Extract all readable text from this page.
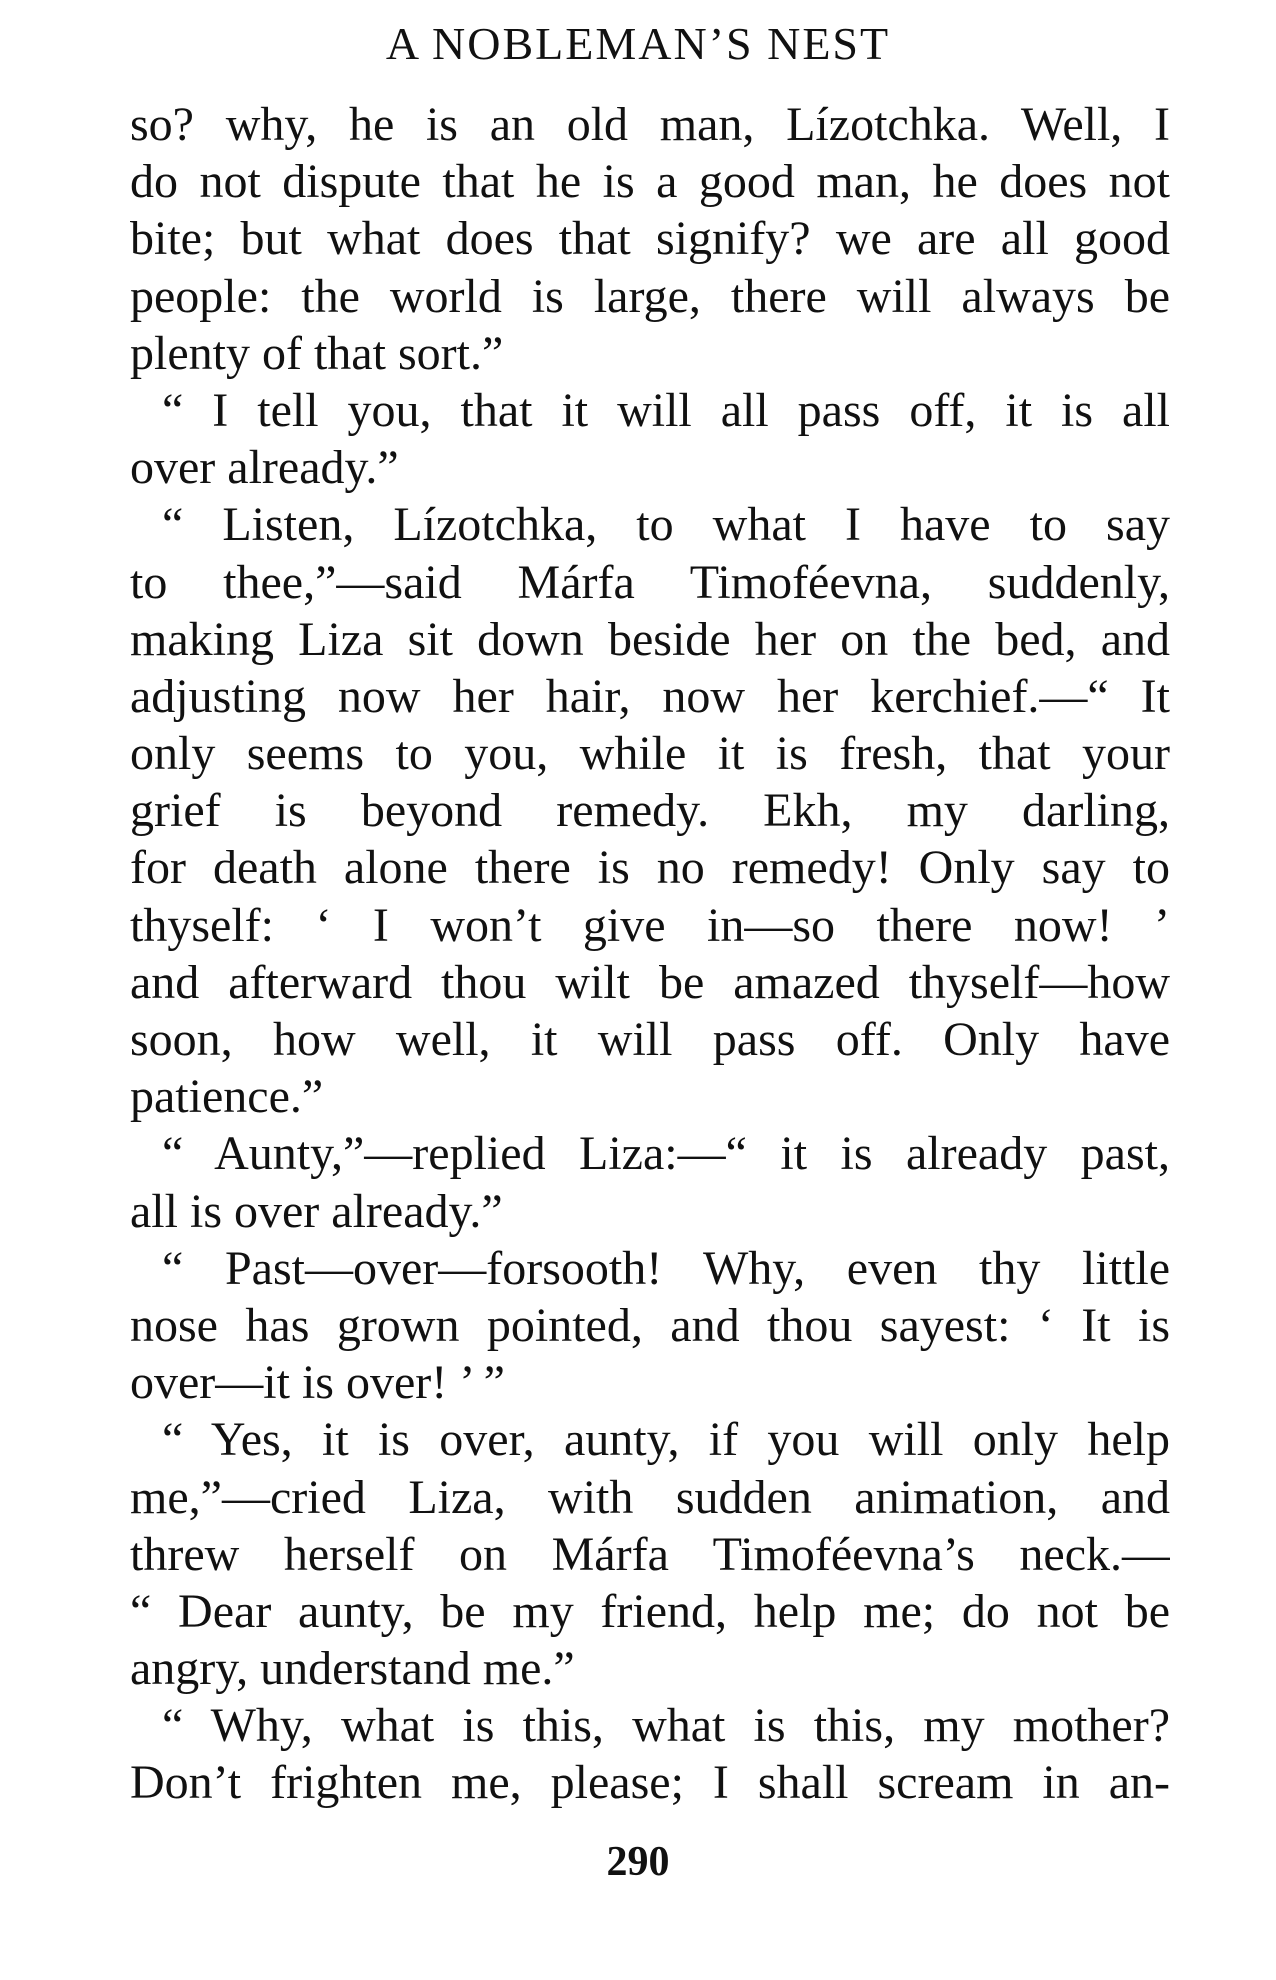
A NOBLEMAN’S NEST
so? why, he is an old man, Lízotchka. Well, I
do not dispute that he is a good man, he does not
bite; but what does that signify? we are all good
people: the world is large, there will always be
plenty of that sort.”
“ I tell you, that it will all pass off, it is all
over already.”
“ Listen, Lízotchka, to what I have to say
to thee,”—said Márfa Timoféevna, suddenly,
making Liza sit down beside her on the bed, and
adjusting now her hair, now her kerchief.—“ It
only seems to you, while it is fresh, that your
grief is beyond remedy. Ekh, my darling,
for death alone there is no remedy! Only say to
thyself: ‘ I won’t give in—so there now! ’
and afterward thou wilt be amazed thyself—how
soon, how well, it will pass off. Only have
patience.”
“ Aunty,”—replied Liza:—“ it is already past,
all is over already.”
“ Past—over—forsooth! Why, even thy little
nose has grown pointed, and thou sayest: ‘ It is
over—it is over! ’ ”
“ Yes, it is over, aunty, if you will only help
me,”—cried Liza, with sudden animation, and
threw herself on Márfa Timoféevna’s neck.—
“ Dear aunty, be my friend, help me; do not be
angry, understand me.”
“ Why, what is this, what is this, my mother?
Don’t frighten me, please; I shall scream in an-
290
